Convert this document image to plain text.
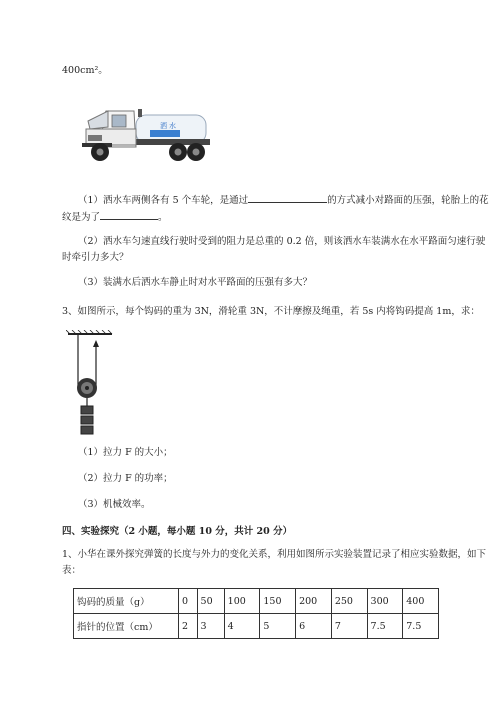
400cm²。
洒 水
（1）洒水车两侧各有 5 个车轮，是通过	的方式减小对路面的压强，轮胎上的花
纹是为了	。
（2）洒水车匀速直线行驶时受到的阻力是总重的 0.2 倍，则该洒水车装满水在水平路面匀速行驶
时牵引力多大？
（3）装满水后洒水车静止时对水平路面的压强有多大？
3、如图所示，每个钩码的重为 3N，滑轮重 3N，不计摩擦及绳重，若 5s 内将钩码提高 1m，求：
（1）拉力 F 的大小；
（2）拉力 F 的功率；
（3）机械效率。
四、实验探究（2 小题，每小题 10 分，共计 20 分）
1、小华在课外探究弹簧的长度与外力的变化关系，利用如图所示实验装置记录了相应实验数据，如下
表：
钩码的质量（g）	0	50	100	150	200	250	300	400
指针的位置（cm）	2	3	4	5	6	7	7.5	7.5
